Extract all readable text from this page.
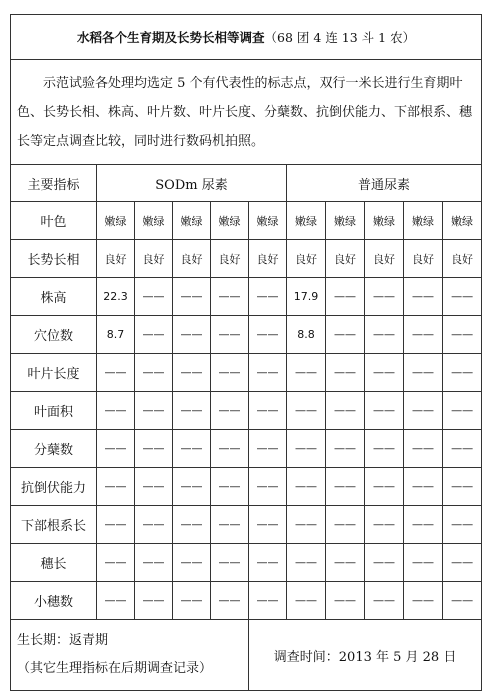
水稻各个生育期及长势长相等调查（68 团 4 连 13 斗 1 农）										
示范试验各处理均选定 5 个有代表性的标志点，双行一米长进行生育期叶色、长势长相、株高、叶片数、叶片长度、分蘖数、抗倒伏能力、下部根系、穗长等定点调查比较，同时进行数码机拍照。										
主要指标	SODm 尿素					普通尿素				
叶色	嫩绿	嫩绿	嫩绿	嫩绿	嫩绿	嫩绿	嫩绿	嫩绿	嫩绿	嫩绿
长势长相	良好	良好	良好	良好	良好	良好	良好	良好	良好	良好
株高	22.3	——	——	——	——	17.9	——	——	——	——
穴位数	8.7	——	——	——	——	8.8	——	——	——	——
叶片长度	——	——	——	——	——	——	——	——	——	——
叶面积	——	——	——	——	——	——	——	——	——	——
分蘖数	——	——	——	——	——	——	——	——	——	——
抗倒伏能力	——	——	——	——	——	——	——	——	——	——
下部根系长	——	——	——	——	——	——	——	——	——	——
穗长	——	——	——	——	——	——	——	——	——	——
小穗数	——	——	——	——	——	——	——	——	——	——

生长期：返青期
（其它生理指标在后期调查记录）					调查时间：2013 年 5 月 28 日					
